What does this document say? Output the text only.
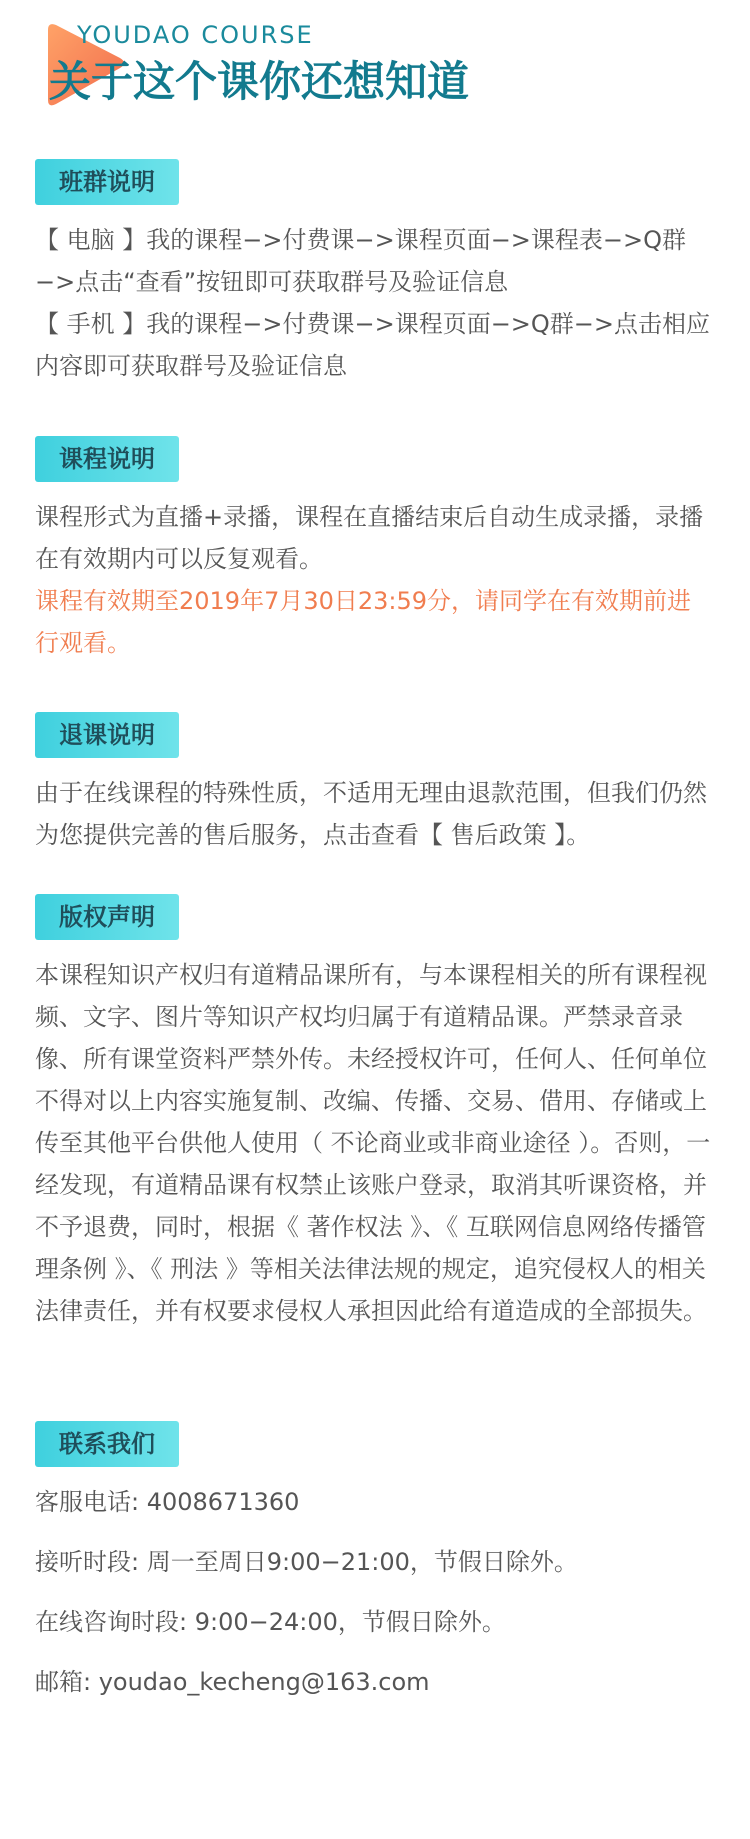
YOUDAO COURSE
关于这个课你还想知道
班群说明

【 电脑 】我的课程−>付费课−>课程页面−>课程表−>Q群−>点击“查看”按钮即可获取群号及验证信息

【 手机 】我的课程−>付费课−>课程页面−>Q群−>点击相应内容即可获取群号及验证信息

课程说明

课程形式为直播+录播，课程在直播结束后自动生成录播，录播在有效期内可以反复观看。

课程有效期至2019年7月30日23:59分，请同学在有效期前进行观看。

退课说明

由于在线课程的特殊性质，不适用无理由退款范围，但我们仍然为您提供完善的售后服务，点击查看【 售后政策 】。

版权声明

本课程知识产权归有道精品课所有，与本课程相关的所有课程视频、文字、图片等知识产权均归属于有道精品课。严禁录音录像、所有课堂资料严禁外传。未经授权许可，任何人、任何单位不得对以上内容实施复制、改编、传播、交易、借用、存储或上传至其他平台供他人使用（ 不论商业或非商业途径 ）。否则，一经发现，有道精品课有权禁止该账户登录，取消其听课资格，并不予退费，同时，根据《 著作权法 》、《 互联网信息网络传播管理条例 》、《 刑法 》等相关法律法规的规定，追究侵权人的相关法律责任，并有权要求侵权人承担因此给有道造成的全部损失。

联系我们

客服电话: 4008671360

接听时段: 周一至周日9:00−21:00，节假日除外。

在线咨询时段: 9:00−24:00，节假日除外。

邮箱: youdao_kecheng@163.com
